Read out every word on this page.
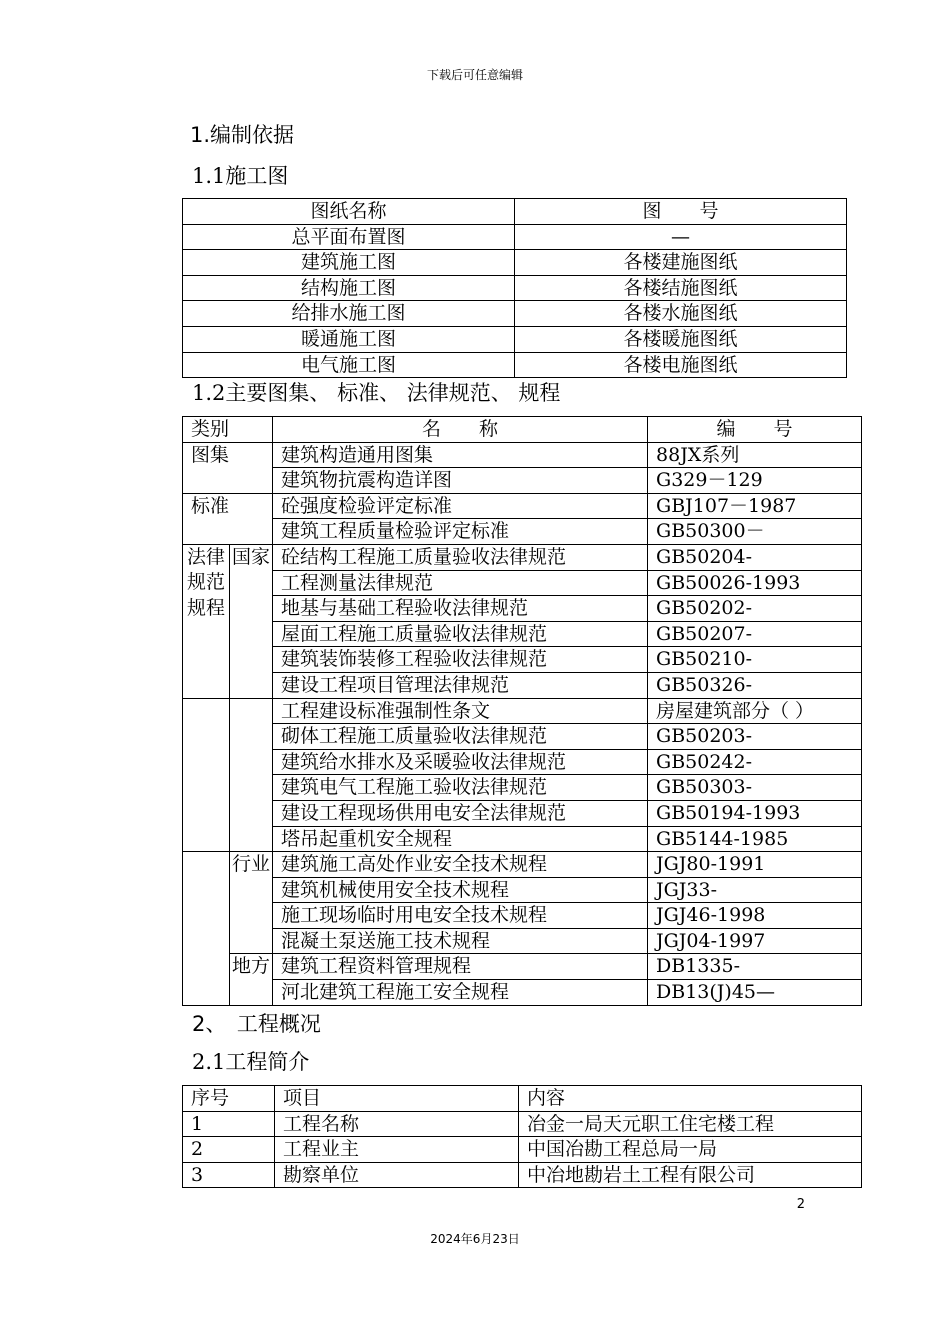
下载后可任意编辑
1.编制依据
1.1施工图
图纸名称	图　　号
总平面布置图	—
建筑施工图	各楼建施图纸
结构施工图	各楼结施图纸
给排水施工图	各楼水施图纸
暖通施工图	各楼暖施图纸
电气施工图	各楼电施图纸
1.2主要图集、 标准、 法律规范、 规程
类别		名　　称	编　　号
图集		建筑构造通用图集	88JX系列
		建筑物抗震构造详图	G329－129
标准		砼强度检验评定标准	GBJ107－1987
		建筑工程质量检验评定标准	GB50300－
法律规范规程	国家	砼结构工程施工质量验收法律规范	GB50204-
		工程测量法律规范	GB50026-1993
		地基与基础工程验收法律规范	GB50202-
		屋面工程施工质量验收法律规范	GB50207-
		建筑装饰装修工程验收法律规范	GB50210-
		建设工程项目管理法律规范	GB50326-
		工程建设标准强制性条文	房屋建筑部分（ ）
		砌体工程施工质量验收法律规范	GB50203-
		建筑给水排水及采暖验收法律规范	GB50242-
		建筑电气工程施工验收法律规范	GB50303-
		建设工程现场供用电安全法律规范	GB50194-1993
		塔吊起重机安全规程	GB5144-1985
	行业	建筑施工高处作业安全技术规程	JGJ80-1991
		建筑机械使用安全技术规程	JGJ33-
		施工现场临时用电安全技术规程	JGJ46-1998
		混凝土泵送施工技术规程	JGJ04-1997
	地方	建筑工程资料管理规程	DB1335-
		河北建筑工程施工安全规程	DB13(J)45—
2、　工程概况
2.1工程简介
序号	项目	内容
1	工程名称	冶金一局天元职工住宅楼工程
2	工程业主	中国冶勘工程总局一局
3	勘察单位	中冶地勘岩土工程有限公司
2
2024年6月23日
